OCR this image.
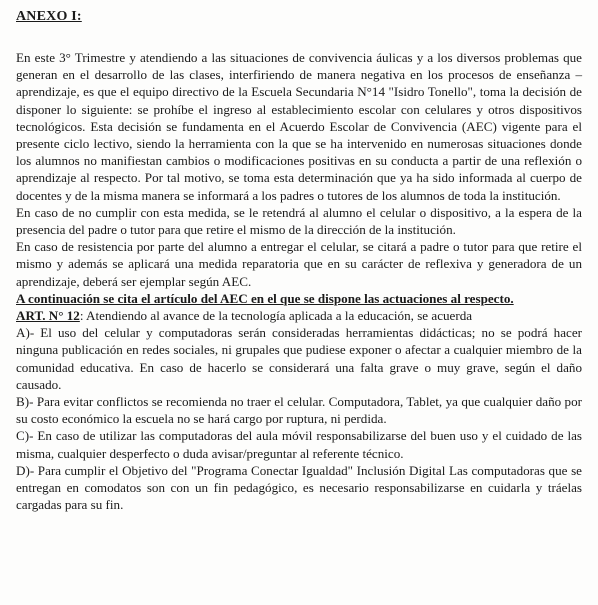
ANEXO I:

En este 3° Trimestre y atendiendo a las situaciones de convivencia áulicas y a los diversos problemas que generan en el desarrollo de las clases, interfiriendo de manera negativa en los procesos de enseñanza – aprendizaje, es que el equipo directivo de la Escuela Secundaria N°14 "Isidro Tonello", toma la decisión de disponer lo siguiente: se prohíbe el ingreso al establecimiento escolar con celulares y otros dispositivos tecnológicos. Esta decisión se fundamenta en el Acuerdo Escolar de Convivencia (AEC) vigente para el presente ciclo lectivo, siendo la herramienta con la que se ha intervenido en numerosas situaciones donde los alumnos no manifiestan cambios o modificaciones positivas en su conducta a partir de una reflexión o aprendizaje al respecto. Por tal motivo, se toma esta determinación que ya ha sido informada al cuerpo de docentes y de la misma manera se informará a los padres o tutores de los alumnos de toda la institución.

En caso de no cumplir con esta medida, se le retendrá al alumno el celular o dispositivo, a la espera de la presencia del padre o tutor para que retire el mismo de la dirección de la institución.

En caso de resistencia por parte del alumno a entregar el celular, se citará a padre o tutor para que retire el mismo y además se aplicará una medida reparatoria que en su carácter de reflexiva y generadora de un aprendizaje, deberá ser ejemplar según AEC.

A continuación se cita el artículo del AEC en el que se dispone las actuaciones al respecto.

ART. N° 12: Atendiendo al avance de la tecnología aplicada a la educación, se acuerda

A)- El uso del celular y computadoras serán consideradas herramientas didácticas; no se podrá hacer ninguna publicación en redes sociales, ni grupales que pudiese exponer o afectar a cualquier miembro de la comunidad educativa. En caso de hacerlo se considerará una falta grave o muy grave, según el daño causado.

B)- Para evitar conflictos se recomienda no traer el celular. Computadora, Tablet, ya que cualquier daño por su costo económico la escuela no se hará cargo por ruptura, ni perdida.

C)- En caso de utilizar las computadoras del aula móvil responsabilizarse del buen uso y el cuidado de las misma, cualquier desperfecto o duda avisar/preguntar al referente técnico.

D)- Para cumplir el Objetivo del "Programa Conectar Igualdad" Inclusión Digital Las computadoras que se entregan en comodatos son con un fin pedagógico, es necesario responsabilizarse en cuidarla y tráelas cargadas para su fin.
